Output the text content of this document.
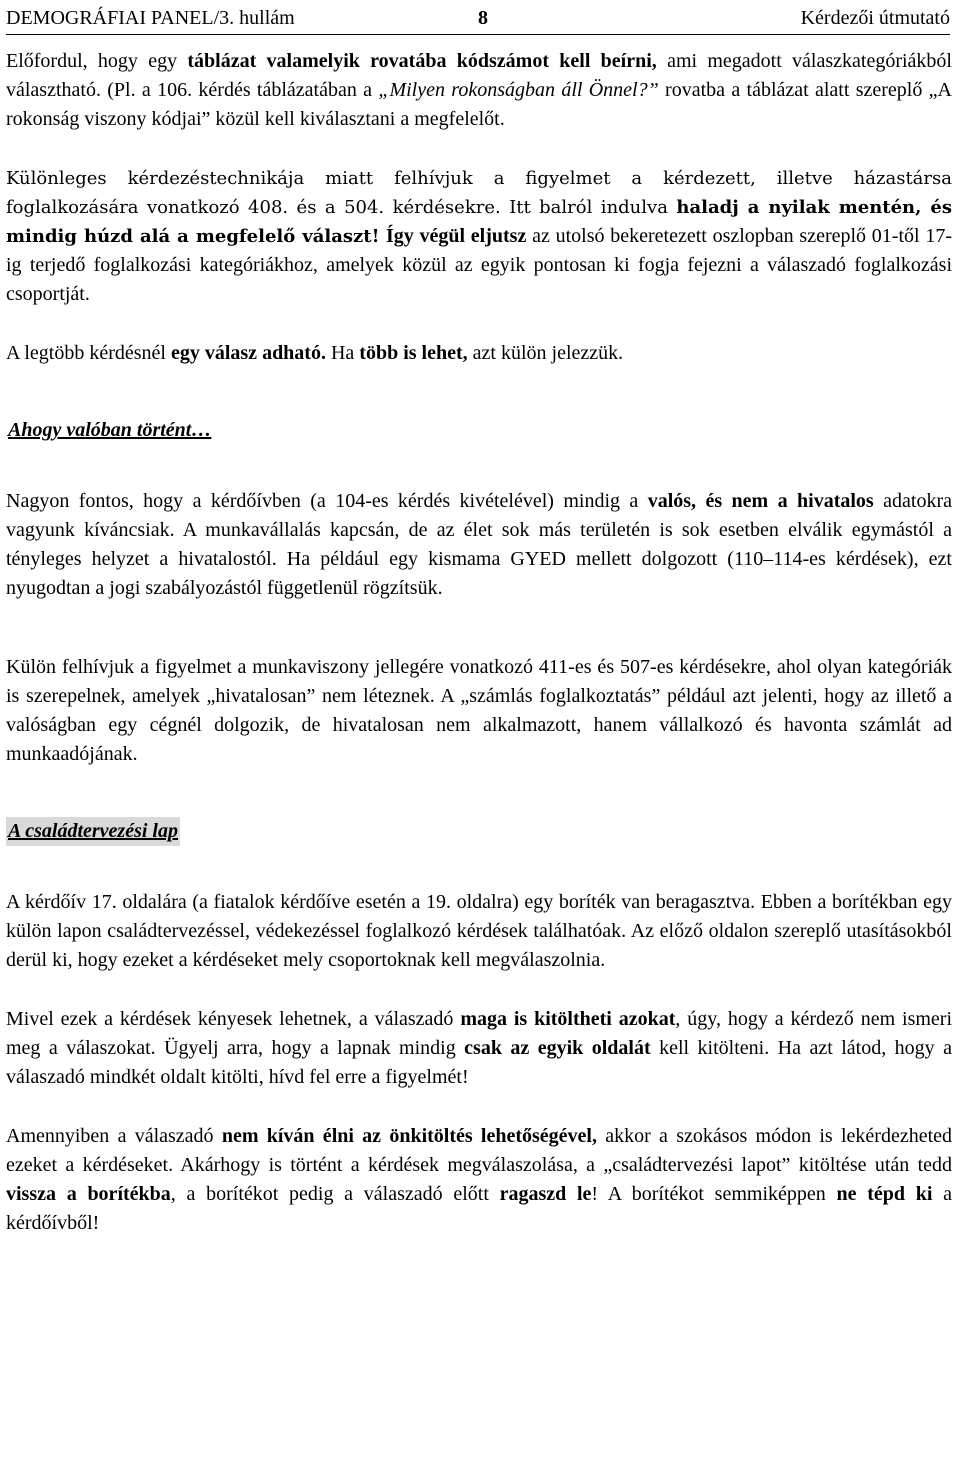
DEMOGRÁFIAI PANEL/3. hullám	8	Kérdezői útmutató

Előfordul, hogy egy táblázat valamelyik rovatába kódszámot kell beírni, ami megadott válaszkategóriákból választható. (Pl. a 106. kérdés táblázatában a „Milyen rokonságban áll Önnel?” rovatba a táblázat alatt szereplő „A rokonság viszony kódjai” közül kell kiválasztani a megfelelőt.

Különleges kérdezéstechnikája miatt felhívjuk a figyelmet a kérdezett, illetve házastársa foglalkozására vonatkozó 408. és a 504. kérdésekre. Itt balról indulva haladj a nyilak mentén, és mindig húzd alá a megfelelő választ! Így végül eljutsz az utolsó bekeretezett oszlopban szereplő 01-től 17-ig terjedő foglalkozási kategóriákhoz, amelyek közül az egyik pontosan ki fogja fejezni a válaszadó foglalkozási csoportját.

A legtöbb kérdésnél egy válasz adható. Ha több is lehet, azt külön jelezzük.

Ahogy valóban történt…

Nagyon fontos, hogy a kérdőívben (a 104-es kérdés kivételével) mindig a valós, és nem a hivatalos adatokra vagyunk kíváncsiak. A munkavállalás kapcsán, de az élet sok más területén is sok esetben elválik egymástól a tényleges helyzet a hivatalostól. Ha például egy kismama GYED mellett dolgozott (110–114-es kérdések), ezt nyugodtan a jogi szabályozástól függetlenül rögzítsük.

Külön felhívjuk a figyelmet a munkaviszony jellegére vonatkozó 411-es és 507-es kérdésekre, ahol olyan kategóriák is szerepelnek, amelyek „hivatalosan” nem léteznek. A „számlás foglalkoztatás” például azt jelenti, hogy az illető a valóságban egy cégnél dolgozik, de hivatalosan nem alkalmazott, hanem vállalkozó és havonta számlát ad munkaadójának.

A családtervezési lap

A kérdőív 17. oldalára (a fiatalok kérdőíve esetén a 19. oldalra) egy boríték van beragasztva. Ebben a borítékban egy külön lapon családtervezéssel, védekezéssel foglalkozó kérdések találhatóak. Az előző oldalon szereplő utasításokból derül ki, hogy ezeket a kérdéseket mely csoportoknak kell megválaszolnia.

Mivel ezek a kérdések kényesek lehetnek, a válaszadó maga is kitöltheti azokat, úgy, hogy a kérdező nem ismeri meg a válaszokat. Ügyelj arra, hogy a lapnak mindig csak az egyik oldalát kell kitölteni. Ha azt látod, hogy a válaszadó mindkét oldalt kitölti, hívd fel erre a figyelmét!

Amennyiben a válaszadó nem kíván élni az önkitöltés lehetőségével, akkor a szokásos módon is lekérdezheted ezeket a kérdéseket. Akárhogy is történt a kérdések megválaszolása, a „családtervezési lapot” kitöltése után tedd vissza a borítékba, a borítékot pedig a válaszadó előtt ragaszd le! A borítékot semmiképpen ne tépd ki a kérdőívből!
